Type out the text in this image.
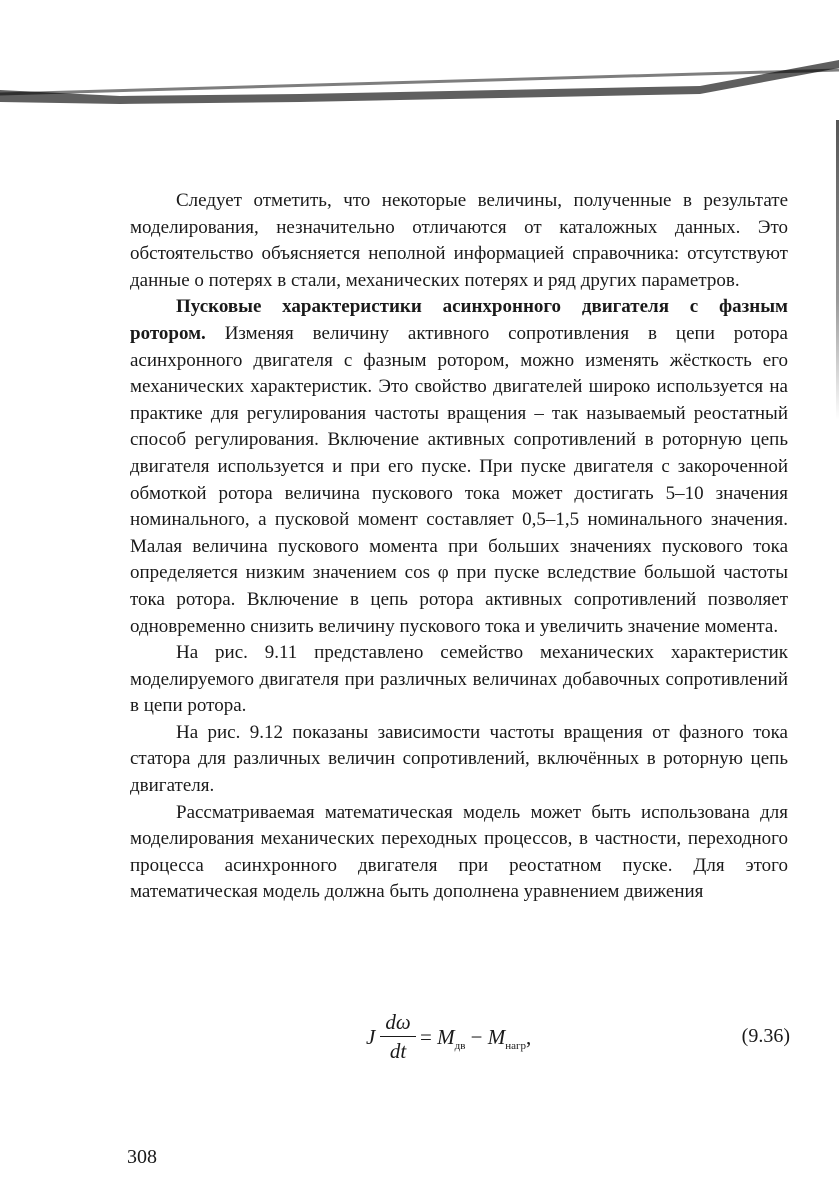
Следует отметить, что некоторые величины, полученные в результате моделирования, незначительно отличаются от каталожных данных. Это обстоятельство объясняется неполной информацией справочника: отсутствуют данные о потерях в стали, механических потерях и ряд других параметров.

Пусковые характеристики асинхронного двигателя с фазным ротором. Изменяя величину активного сопротивления в цепи ротора асинхронного двигателя с фазным ротором, можно изменять жёсткость его механических характеристик. Это свойство двигателей широко используется на практике для регулирования частоты вращения – так называемый реостатный способ регулирования. Включение активных сопротивлений в роторную цепь двигателя используется и при его пуске. При пуске двигателя с закороченной обмоткой ротора величина пускового тока может достигать 5–10 значения номинального, а пусковой момент составляет 0,5–1,5 номинального значения. Малая величина пускового момента при больших значениях пускового тока определяется низким значением cos φ при пуске вследствие большой частоты тока ротора. Включение в цепь ротора активных сопротивлений позволяет одновременно снизить величину пускового тока и увеличить значение момента.

На рис. 9.11 представлено семейство механических характеристик моделируемого двигателя при различных величинах добавочных сопротивлений в цепи ротора.

На рис. 9.12 показаны зависимости частоты вращения от фазного тока статора для различных величин сопротивлений, включённых в роторную цепь двигателя.

Рассматриваемая математическая модель может быть использована для моделирования механических переходных процессов, в частности, переходного процесса асинхронного двигателя при реостатном пуске. Для этого математическая модель должна быть дополнена уравнением движения

J
dω
dt
= $M_{дв} - M_{нагр}$,	(9.36)
308
